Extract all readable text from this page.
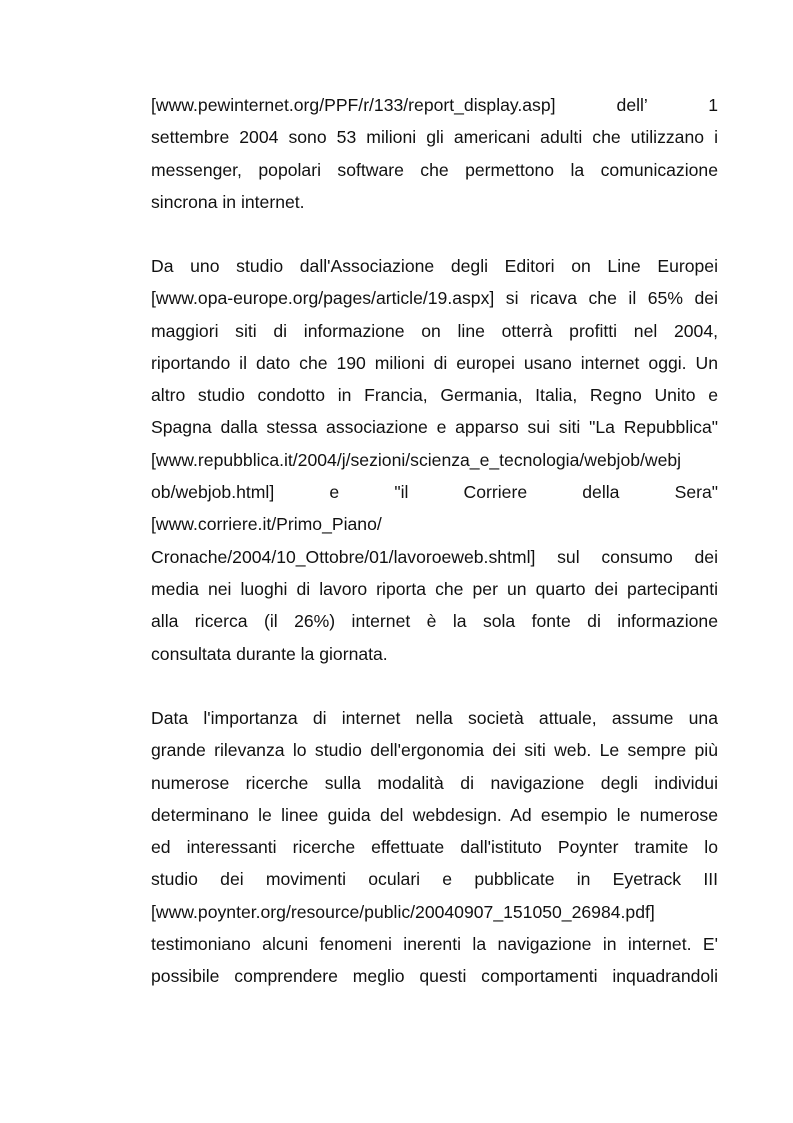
[www.pewinternet.org/PPF/r/133/report_display.asp] dell’ 1
settembre 2004 sono 53 milioni gli americani adulti che utilizzano i
messenger, popolari software che permettono la comunicazione
sincrona in internet.
Da uno studio dall'Associazione degli Editori on Line Europei
[www.opa-europe.org/pages/article/19.aspx] si ricava che il 65% dei
maggiori siti di informazione on line otterrà profitti nel 2004,
riportando il dato che 190 milioni di europei usano internet oggi. Un
altro studio condotto in Francia, Germania, Italia, Regno Unito e
Spagna dalla stessa associazione e apparso sui siti "La Repubblica"
[www.repubblica.it/2004/j/sezioni/scienza_e_tecnologia/webjob/webj
ob/webjob.html] e "il Corriere della Sera"
[www.corriere.it/Primo_Piano/
Cronache/2004/10_Ottobre/01/lavoroeweb.shtml] sul consumo dei
media nei luoghi di lavoro riporta che per un quarto dei partecipanti
alla ricerca (il 26%) internet è la sola fonte di informazione
consultata durante la giornata.
Data l'importanza di internet nella società attuale, assume una
grande rilevanza lo studio dell'ergonomia dei siti web. Le sempre più
numerose ricerche sulla modalità di navigazione degli individui
determinano le linee guida del webdesign. Ad esempio le numerose
ed interessanti ricerche effettuate dall'istituto Poynter tramite lo
studio dei movimenti oculari e pubblicate in Eyetrack III
[www.poynter.org/resource/public/20040907_151050_26984.pdf]
testimoniano alcuni fenomeni inerenti la navigazione in internet. E'
possibile comprendere meglio questi comportamenti inquadrandoli
